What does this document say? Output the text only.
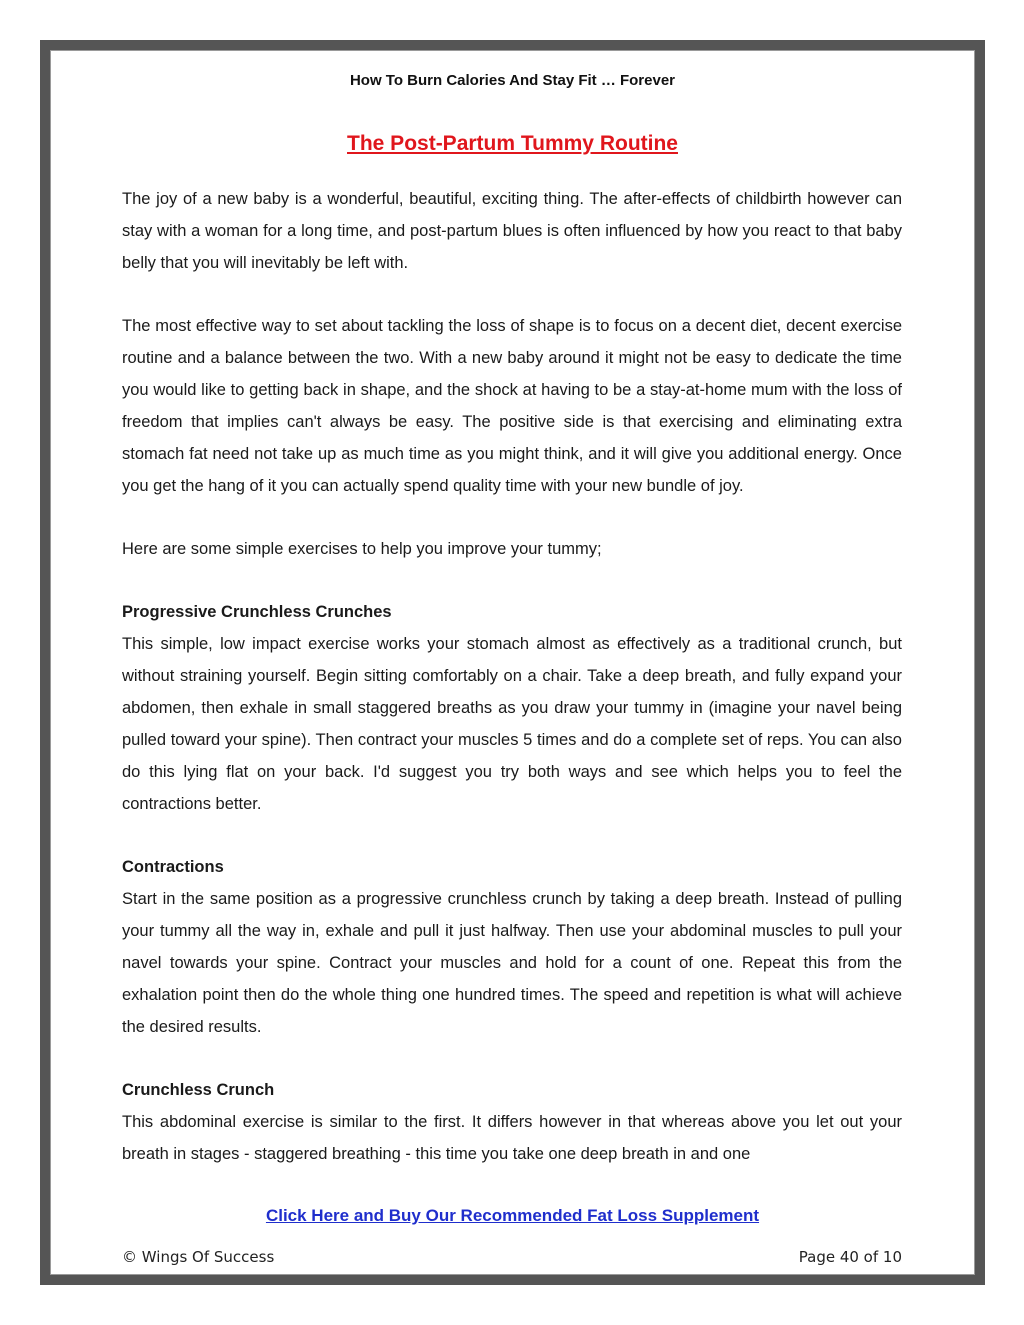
How To Burn Calories And Stay Fit … Forever
The Post-Partum Tummy Routine

The joy of a new baby is a wonderful, beautiful, exciting thing. The after-effects of childbirth however can stay with a woman for a long time, and post-partum blues is often influenced by how you react to that baby belly that you will inevitably be left with.

The most effective way to set about tackling the loss of shape is to focus on a decent diet, decent exercise routine and a balance between the two. With a new baby around it might not be easy to dedicate the time you would like to getting back in shape, and the shock at having to be a stay-at-home mum with the loss of freedom that implies can't always be easy. The positive side is that exercising and eliminating extra stomach fat need not take up as much time as you might think, and it will give you additional energy. Once you get the hang of it you can actually spend quality time with your new bundle of joy.

Here are some simple exercises to help you improve your tummy;

Progressive Crunchless Crunches

This simple, low impact exercise works your stomach almost as effectively as a traditional crunch, but without straining yourself. Begin sitting comfortably on a chair. Take a deep breath, and fully expand your abdomen, then exhale in small staggered breaths as you draw your tummy in (imagine your navel being pulled toward your spine). Then contract your muscles 5 times and do a complete set of reps. You can also do this lying flat on your back. I'd suggest you try both ways and see which helps you to feel the contractions better.

Contractions

Start in the same position as a progressive crunchless crunch by taking a deep breath. Instead of pulling your tummy all the way in, exhale and pull it just halfway. Then use your abdominal muscles to pull your navel towards your spine. Contract your muscles and hold for a count of one. Repeat this from the exhalation point then do the whole thing one hundred times. The speed and repetition is what will achieve the desired results.

Crunchless Crunch

This abdominal exercise is similar to the first. It differs however in that whereas above you let out your breath in stages - staggered breathing - this time you take one deep breath in and one

Click Here and Buy Our Recommended Fat Loss Supplement
© Wings Of Success	Page 40 of 10
